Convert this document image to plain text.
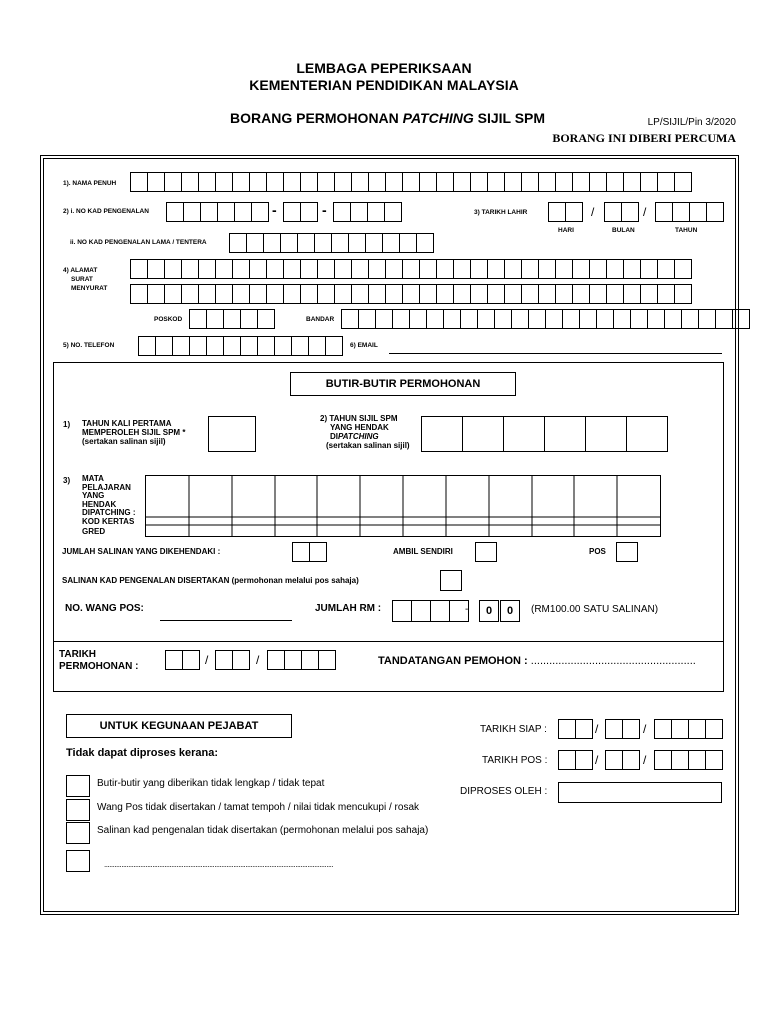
LEMBAGA PEPERIKSAAN
KEMENTERIAN PENDIDIKAN MALAYSIA
BORANG PERMOHONAN PATCHING SIJIL SPM	LP/SIJIL/Pin 3/2020
BORANG INI DIBERI PERCUMA
1). NAMA PENUH
2) i. NO KAD PENGENALAN	-	-	3) TARIKH LAHIR	/	/
HARI	BULAN	TAHUN
ii. NO KAD PENGENALAN LAMA / TENTERA
4) ALAMAT
SURAT
MENYURAT
POSKOD	BANDAR
5) NO. TELEFON	6) EMAIL
BUTIR-BUTIR PERMOHONAN
1) TAHUN KALI PERTAMA
MEMPEROLEH SIJIL SPM *
(sertakan salinan sijil)
2) TAHUN SIJIL SPM
YANG HENDAK
DIPATCHING
(sertakan salinan sijil)
3) MATA
PELAJARAN
YANG
HENDAK
DIPATCHING :
KOD KERTAS
GRED
JUMLAH SALINAN YANG DIKEHENDAKI :	AMBIL SENDIRI	POS
SALINAN KAD PENGENALAN DISERTAKAN (permohonan melalui pos sahaja)
NO. WANG POS:	JUMLAH RM :	-	0	0	(RM100.00 SATU SALINAN)
TARIKH
PERMOHONAN :	/	/	TANDATANGAN PEMOHON : ......................................................
UNTUK KEGUNAAN PEJABAT
Tidak dapat diproses kerana:
Butir-butir yang diberikan tidak lengkap / tidak tepat
Wang Pos tidak disertakan / tamat tempoh / nilai tidak mencukupi / rosak
Salinan kad pengenalan tidak disertakan (permohonan melalui pos sahaja)
.....................................................................................................................................
TARIKH SIAP :	/	/
TARIKH POS :	/	/
DIPROSES OLEH :
